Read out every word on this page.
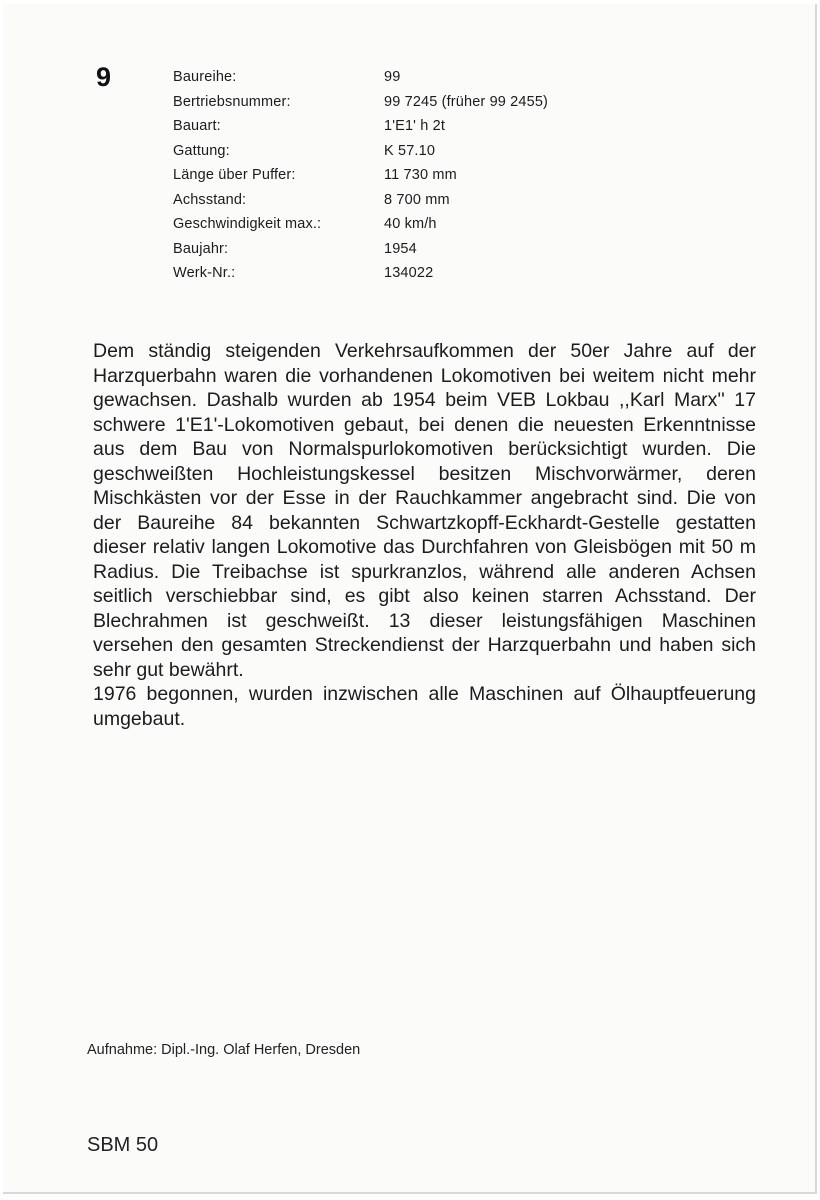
9	Baureihe:	99
Bertriebsnummer:	99 7245 (früher 99 2455)
Bauart:	1'E1' h 2t
Gattung:	K 57.10
Länge über Puffer:	11 730 mm
Achsstand:	8 700 mm
Geschwindigkeit max.:	40 km/h
Baujahr:	1954
Werk-Nr.:	134022

Dem ständig steigenden Verkehrsaufkommen der 50er Jahre auf der Harzquerbahn waren die vorhandenen Lokomotiven bei weitem nicht mehr gewachsen. Dashalb wurden ab 1954 beim VEB Lokbau ,,Karl Marx'' 17 schwere 1'E1'-Lokomotiven gebaut, bei denen die neuesten Erkenntnisse aus dem Bau von Normalspurlokomotiven berücksichtigt wurden. Die geschweißten Hochleistungskessel besitzen Mischvorwärmer, deren Mischkästen vor der Esse in der Rauchkammer angebracht sind. Die von der Baureihe 84 bekannten Schwartzkopff-Eckhardt-Gestelle gestatten dieser relativ langen Lokomotive das Durchfahren von Gleisbögen mit 50 m Radius. Die Treibachse ist spurkranzlos, während alle anderen Achsen seitlich verschiebbar sind, es gibt also keinen starren Achsstand. Der Blechrahmen ist geschweißt. 13 dieser leistungsfähigen Maschinen versehen den gesamten Streckendienst der Harzquerbahn und haben sich sehr gut bewährt.

1976 begonnen, wurden inzwischen alle Maschinen auf Ölhauptfeuerung umgebaut.

Aufnahme: Dipl.-Ing. Olaf Herfen, Dresden
SBM 50
